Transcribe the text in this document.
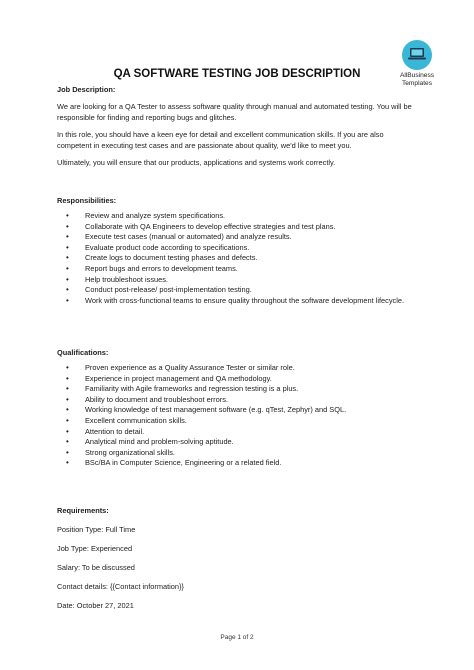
AllBusiness
Templates
QA SOFTWARE TESTING JOB DESCRIPTION
Job Description:
We are looking for a QA Tester to assess software quality through manual and automated testing. You will be responsible for finding and reporting bugs and glitches.
In this role, you should have a keen eye for detail and excellent communication skills. If you are also competent in executing test cases and are passionate about quality, we'd like to meet you.
Ultimately, you will ensure that our products, applications and systems work correctly.
Responsibilities:
• Review and analyze system specifications.
• Collaborate with QA Engineers to develop effective strategies and test plans.
• Execute test cases (manual or automated) and analyze results.
• Evaluate product code according to specifications.
• Create logs to document testing phases and defects.
• Report bugs and errors to development teams.
• Help troubleshoot issues.
• Conduct post-release/ post-implementation testing.
• Work with cross-functional teams to ensure quality throughout the software development lifecycle.
Qualifications:
• Proven experience as a Quality Assurance Tester or similar role.
• Experience in project management and QA methodology.
• Familiarity with Agile frameworks and regression testing is a plus.
• Ability to document and troubleshoot errors.
• Working knowledge of test management software (e.g. qTest, Zephyr) and SQL.
• Excellent communication skills.
• Attention to detail.
• Analytical mind and problem-solving aptitude.
• Strong organizational skills.
• BSc/BA in Computer Science, Engineering or a related field.
Requirements:
Position Type: Full Time
Job Type: Experienced
Salary: To be discussed
Contact details: {{Contact information}}
Date: October 27, 2021
Page 1 of 2
